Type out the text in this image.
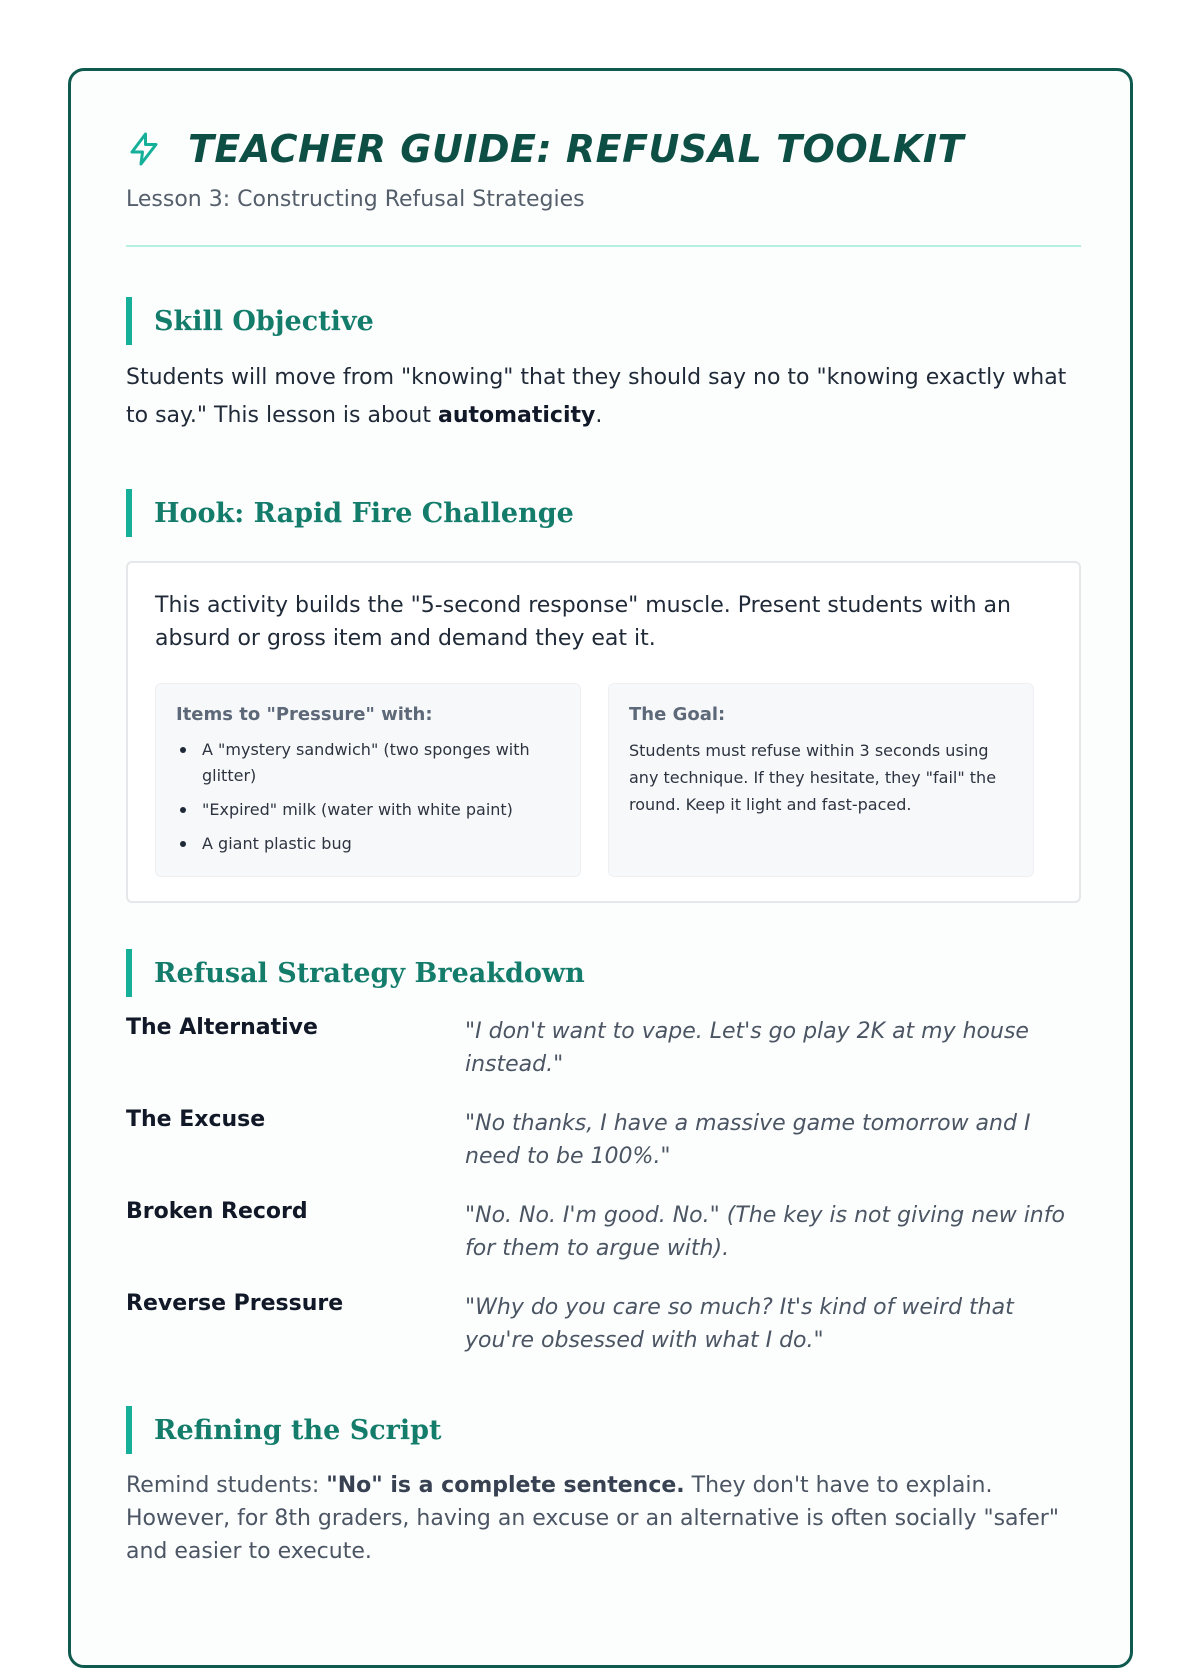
TEACHER GUIDE: REFUSAL TOOLKIT
Lesson 3: Constructing Refusal Strategies
Skill Objective
Students will move from "knowing" that they should say no to "knowing exactly what to say." This lesson is about automaticity.
Hook: Rapid Fire Challenge
This activity builds the "5-second response" muscle. Present students with an absurd or gross item and demand they eat it.
Items to "Pressure" with:
A "mystery sandwich" (two sponges with glitter)
"Expired" milk (water with white paint)
A giant plastic bug
The Goal:

Students must refuse within 3 seconds using any technique. If they hesitate, they "fail" the round. Keep it light and fast-paced.

Refusal Strategy Breakdown
The Alternative	"I don't want to vape. Let's go play 2K at my house instead."
The Excuse	"No thanks, I have a massive game tomorrow and I need to be 100%."
Broken Record	"No. No. I'm good. No." (The key is not giving new info for them to argue with).
Reverse Pressure	"Why do you care so much? It's kind of weird that you're obsessed with what I do."
Refining the Script
Remind students: "No" is a complete sentence. They don't have to explain. However, for 8th graders, having an excuse or an alternative is often socially "safer" and easier to execute.
